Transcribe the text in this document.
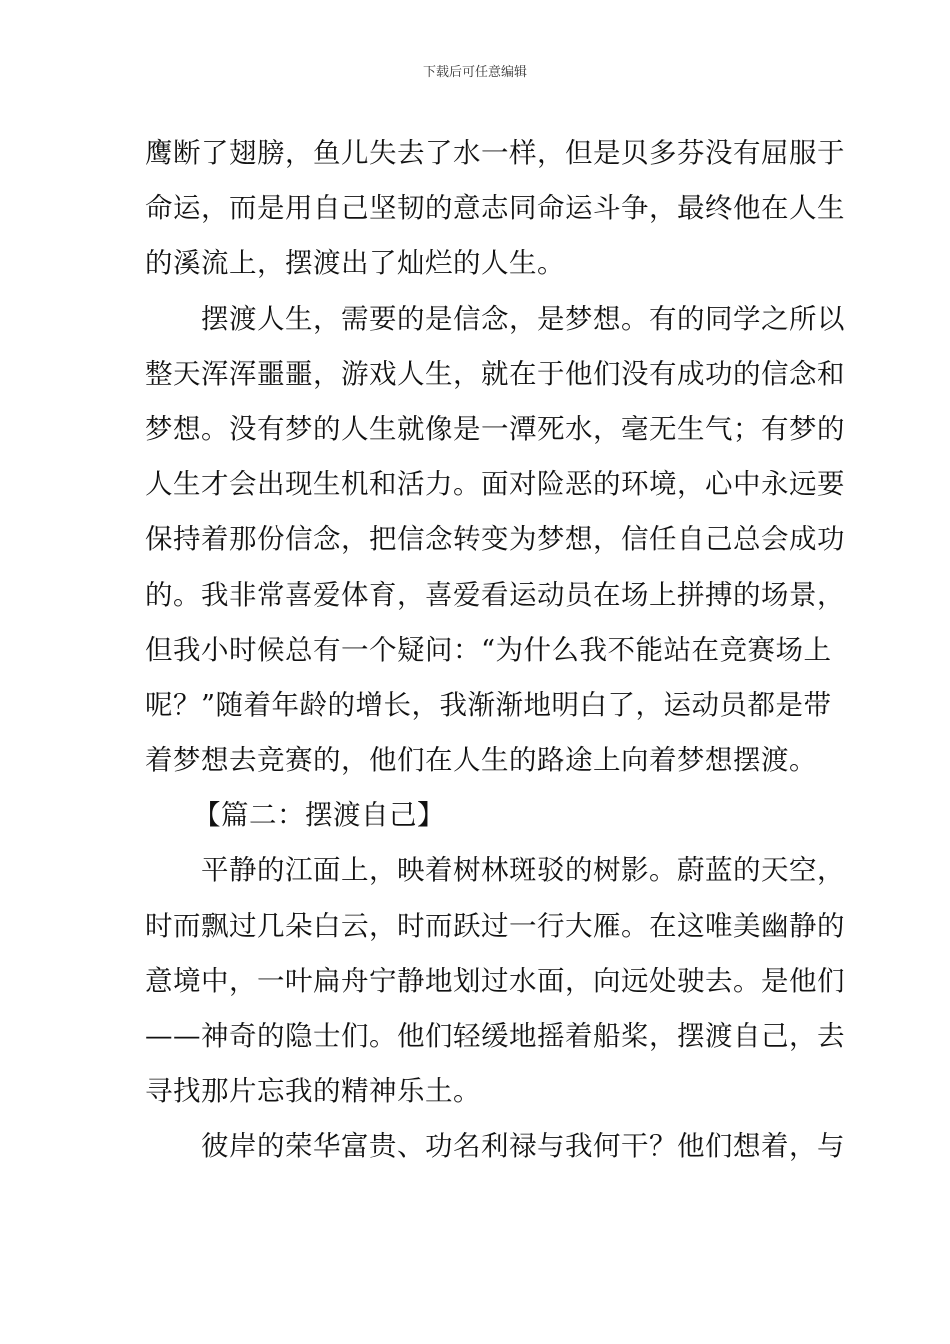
下载后可任意编辑
鹰断了翅膀，鱼儿失去了水一样，但是贝多芬没有屈服于
命运，而是用自己坚韧的意志同命运斗争，最终他在人生
的溪流上，摆渡出了灿烂的人生。
摆渡人生，需要的是信念，是梦想。有的同学之所以
整天浑浑噩噩，游戏人生，就在于他们没有成功的信念和
梦想。没有梦的人生就像是一潭死水，毫无生气；有梦的
人生才会出现生机和活力。面对险恶的环境，心中永远要
保持着那份信念，把信念转变为梦想，信任自己总会成功
的。我非常喜爱体育，喜爱看运动员在场上拼搏的场景，
但我小时候总有一个疑问：“为什么我不能站在竞赛场上
呢？”随着年龄的增长，我渐渐地明白了，运动员都是带
着梦想去竞赛的，他们在人生的路途上向着梦想摆渡。
【篇二：摆渡自己】
平静的江面上，映着树林斑驳的树影。蔚蓝的天空，
时而飘过几朵白云，时而跃过一行大雁。在这唯美幽静的
意境中，一叶扁舟宁静地划过水面，向远处驶去。是他们
——神奇的隐士们。他们轻缓地摇着船桨，摆渡自己，去
寻找那片忘我的精神乐土。
彼岸的荣华富贵、功名利禄与我何干？他们想着，与
